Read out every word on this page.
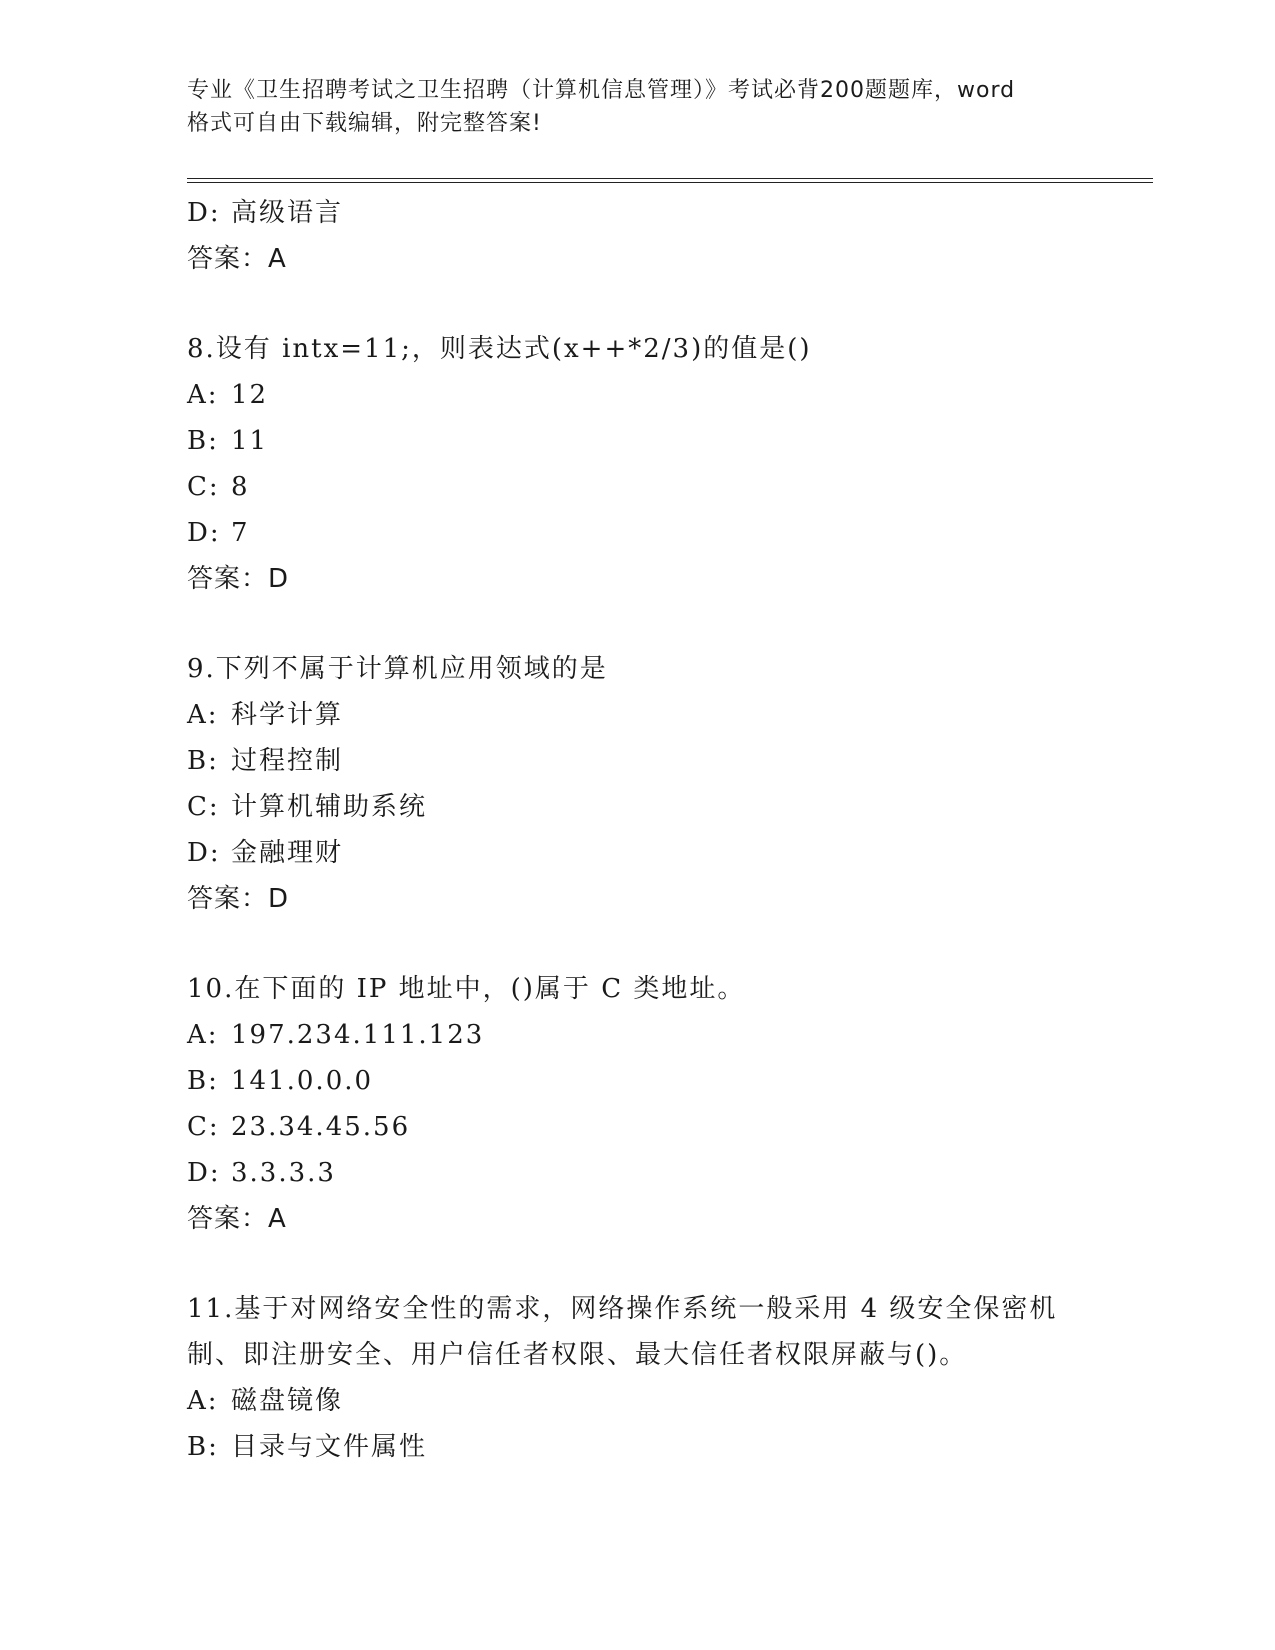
专业《卫生招聘考试之卫生招聘（计算机信息管理）》考试必背200题题库，word
格式可自由下载编辑，附完整答案!
D: 高级语言
答案：A
8.设有 intx=11;，则表达式(x++*2/3)的值是()
A: 12
B: 11
C: 8
D: 7
答案：D
9.下列不属于计算机应用领域的是
A: 科学计算
B: 过程控制
C: 计算机辅助系统
D: 金融理财
答案：D
10.在下面的 IP 地址中，()属于 C 类地址。
A: 197.234.111.123
B: 141.0.0.0
C: 23.34.45.56
D: 3.3.3.3
答案：A
11.基于对网络安全性的需求，网络操作系统一般采用 4 级安全保密机
制、即注册安全、用户信任者权限、最大信任者权限屏蔽与()。
A: 磁盘镜像
B: 目录与文件属性
